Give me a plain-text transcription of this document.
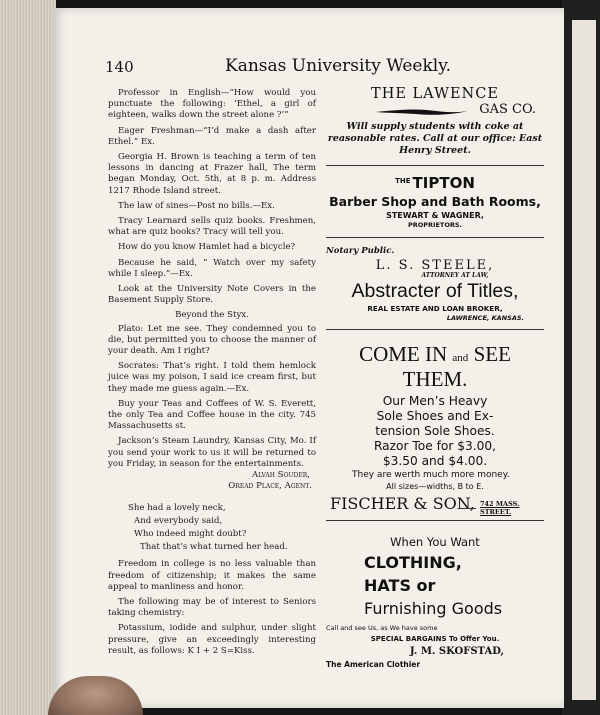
140	Kansas University Weekly.

Professor in English—“How would you punctuate the following: ‘Ethel, a girl of eighteen, walks down the street alone ?’”

Eager Freshman—“I’d make a dash after Ethel.” Ex.

Georgia H. Brown is teaching a term of ten lessons in dancing at Frazer hall, The term began Monday, Oct. 5th, at 8 p. m. Address 1217 Rhode Island street.

The law of sines—Post no bills.—Ex.

Tracy Learnard sells quiz books. Freshmen, what are quiz books? Tracy will tell you.

How do you know Hamlet had a bicycle?

Because he said, “ Watch over my safety while I sleep.”—Ex.

Look at the University Note Covers in the Basement Supply Store.

Beyond the Styx.

Plato: Let me see. They condemned you to die, but permitted you to choose the manner of your death. Am I right?

Socrates: That’s right. I told them hemlock juice was my poison, I said ice cream first, but they made me guess again.—Ex.

Buy your Teas and Coffees of W. S. Everett, the only Tea and Coffee house in the city. 745 Massachusetts st.

Jackson’s Steam Laundry, Kansas City, Mo. If you send your work to us it will be returned to you Friday, in season for the entertainments.

Alvah Souder,

Oread Place, Agent.

She had a lovely neck,
And everybody said,
Who indeed might doubt?
That that’s what turned her head.

Freedom in college is no less valuable than freedom of citizenship; it makes the same appeal to manliness and honor.

The following may be of interest to Seniors taking chemistry:

Potassium, iodide and sulphur, under slight pressure, give an exceedingly interesting result, as follows: K I + 2 S=Kiss.

THE LAWENCE
GAS CO.
Will supply students with coke at reasonable rates. Call at our office: East Henry Street.
$^{THE}$ TIPTON
Barber Shop and Bath Rooms,
STEWART & WAGNER,
PROPRIETORS.
Notary Public.
L. S. STEELE,
ATTORNEY AT LAW,
Abstracter of Titles,
REAL ESTATE AND LOAN BROKER,
LAWRENCE, KANSAS.
COME IN and SEE THEM.
Our Men’s Heavy
Sole Shoes and Ex-
tension Sole Shoes.
Razor Toe for $3.00,
$3.50 and $4.00.
They are werth much more money.
All sizes—widths, B to E.
FISCHER & SON, 742 MASS. STREET.
When You Want
CLOTHING,
HATS or
Furnishing Goods
Call and see Us, as We have some
SPECIAL BARGAINS To Offer You.
J. M. SKOFSTAD,
The American Clothier
